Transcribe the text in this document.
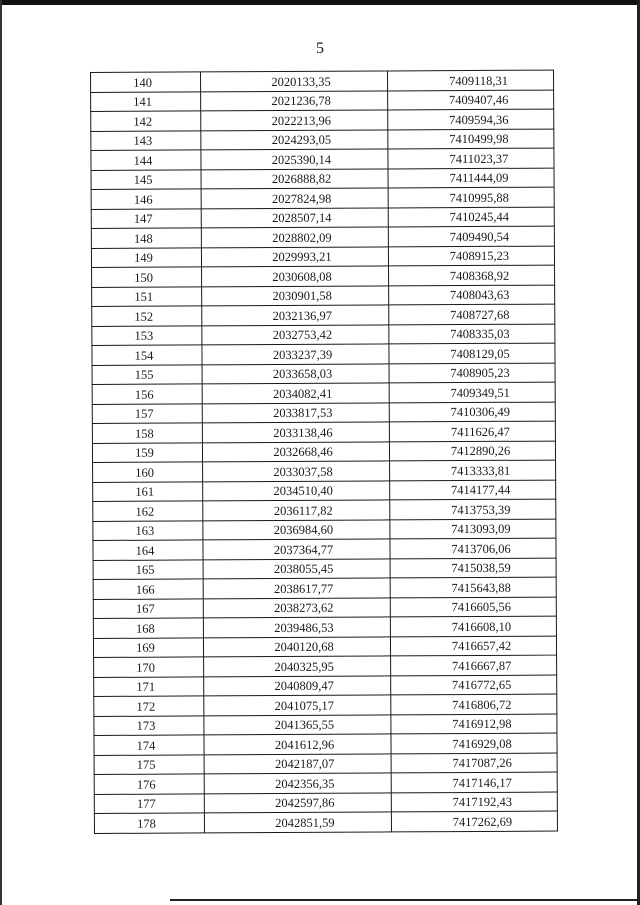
5
140	2020133,35	7409118,31
141	2021236,78	7409407,46
142	2022213,96	7409594,36
143	2024293,05	7410499,98
144	2025390,14	7411023,37
145	2026888,82	7411444,09
146	2027824,98	7410995,88
147	2028507,14	7410245,44
148	2028802,09	7409490,54
149	2029993,21	7408915,23
150	2030608,08	7408368,92
151	2030901,58	7408043,63
152	2032136,97	7408727,68
153	2032753,42	7408335,03
154	2033237,39	7408129,05
155	2033658,03	7408905,23
156	2034082,41	7409349,51
157	2033817,53	7410306,49
158	2033138,46	7411626,47
159	2032668,46	7412890,26
160	2033037,58	7413333,81
161	2034510,40	7414177,44
162	2036117,82	7413753,39
163	2036984,60	7413093,09
164	2037364,77	7413706,06
165	2038055,45	7415038,59
166	2038617,77	7415643,88
167	2038273,62	7416605,56
168	2039486,53	7416608,10
169	2040120,68	7416657,42
170	2040325,95	7416667,87
171	2040809,47	7416772,65
172	2041075,17	7416806,72
173	2041365,55	7416912,98
174	2041612,96	7416929,08
175	2042187,07	7417087,26
176	2042356,35	7417146,17
177	2042597,86	7417192,43
178	2042851,59	7417262,69
